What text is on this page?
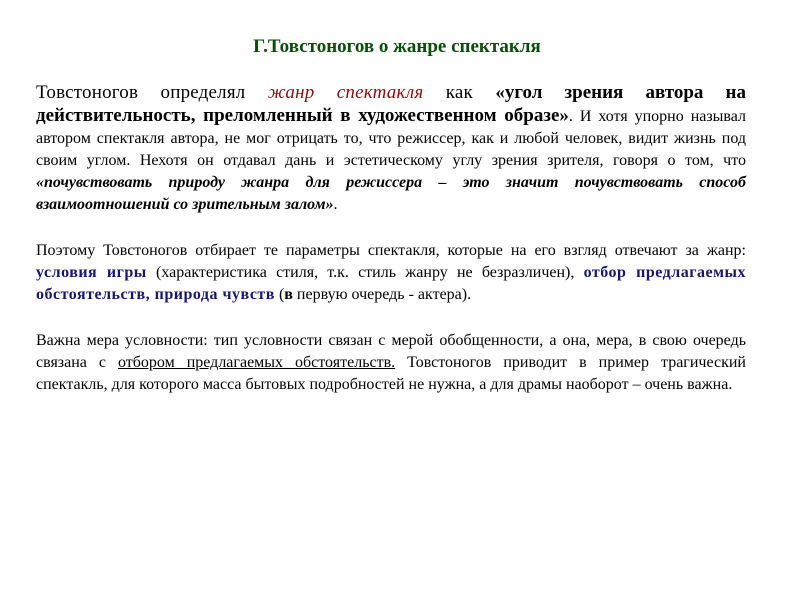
Г.Товстоногов о жанре спектакля

Товстоногов определял жанр спектакля как «угол зрения автора на действительность, преломленный в художественном образе». И хотя упорно называл автором спектакля автора, не мог отрицать то, что режиссер, как и любой человек, видит жизнь под своим углом. Нехотя он отдавал дань и эстетическому углу зрения зрителя, говоря о том, что «почувствовать природу жанра для режиссера – это значит почувствовать способ взаимоотношений со зрительным залом».

Поэтому Товстоногов отбирает те параметры спектакля, которые на его взгляд отвечают за жанр: условия игры (характеристика стиля, т.к. стиль жанру не безразличен), отбор предлагаемых обстоятельств, природа чувств (в первую очередь - актера).

Важна мера условности: тип условности связан с мерой обобщенности, а она, мера, в свою очередь связана с отбором предлагаемых обстоятельств. Товстоногов приводит в пример трагический спектакль, для которого масса бытовых подробностей не нужна, а для драмы наоборот – очень важна.
